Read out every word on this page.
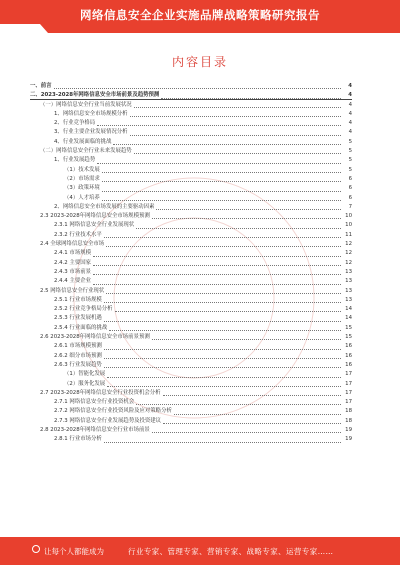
网络信息安全企业实施品牌战略策略研究报告
内容目录
一、前言	4
二、2023-2028年网络信息安全市场前景及趋势预测	4
（一）网络信息安全行业当前发展状况	4
1、网络信息安全市场规模分析	4
2、行业竞争格局	4
3、行业主要企业发展情况分析	4
4、行业发展面临的挑战	5
（二）网络信息安全行业未来发展趋势	5
1、行业发展趋势	5
（1）技术发展	5
（2）市场需求	6
（3）政策环境	6
（4）人才培养	6
2、网络信息安全市场发展的主要驱动因素	7
2.3 2023-2028年网络信息安全市场规模预测	10
2.3.1 网络信息安全行业发展现状	10
2.3.2 行业技术水平	11
2.4 全球网络信息安全市场	12
2.4.1 市场规模	12
2.4.2 主要国家	12
2.4.3 市场前景	13
2.4.4 主要企业	13
2.5 网络信息安全行业现状	13
2.5.1 行业市场规模	13
2.5.2 行业竞争格局分析	14
2.5.3 行业发展机遇	14
2.5.4 行业面临的挑战	15
2.6 2023-2028年网络信息安全市场前景预测	15
2.6.1 市场规模预测	16
2.6.2 细分市场预测	16
2.6.3 行业发展趋势	16
（1）智能化发展	17
（2）服务化发展	17
2.7 2023-2028年网络信息安全行业投资机会分析	17
2.7.1 网络信息安全行业投资机会	17
2.7.2 网络信息安全行业投资风险及应对策略分析	18
2.7.3 网络信息安全行业发展趋势及投资建议	18
2.8 2023-2028年网络信息安全行业市场前景	19
2.8.1 行业市场分析	19
让每个人都能成为	行业专家、管理专家、营销专家、战略专家、运营专家……
